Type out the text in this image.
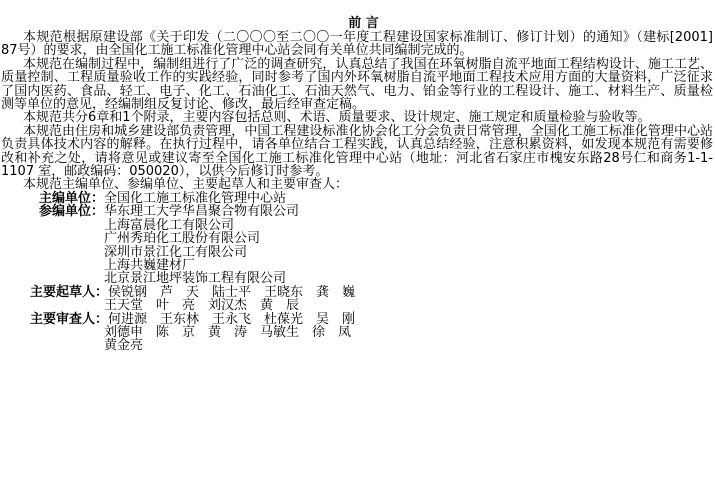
前 言

本规范根据原建设部《关于印发（二〇〇〇至二〇〇一年度工程建设国家标准制订、修订计划）的通知》（建标[2001] 87号）的要求，由全国化工施工标准化管理中心站会同有关单位共同编制完成的。

本规范在编制过程中，编制组进行了广泛的调查研究，认真总结了我国在环氧树脂自流平地面工程结构设计、施工工艺、质量控制、工程质量验收工作的实践经验，同时参考了国内外环氧树脂自流平地面工程技术应用方面的大量资料，广泛征求了国内医药、食品、轻工、电子、化工、石油化工、石油天然气、电力、铂金等行业的工程设计、施工、材料生产、质量检测等单位的意见，经编制组反复讨论、修改，最后经审查定稿。

本规范共分6章和1个附录，主要内容包括总则、术语、质量要求、设计规定、施工规定和质量检验与验收等。

本规范由住房和城乡建设部负责管理，中国工程建设标准化协会化工分会负责日常管理，全国化工施工标准化管理中心站负责具体技术内容的解释。在执行过程中，请各单位结合工程实践，认真总结经验，注意积累资料，如发现本规范有需要修改和补充之处，请将意见或建议寄至全国化工施工标准化管理中心站（地址：河北省石家庄市槐安东路28号仁和商务1-1-1107 室，邮政编码：050020），以供今后修订时参考。

本规范主编单位、参编单位、主要起草人和主要审查人：

主编单位： 全国化工施工标准化管理中心站
参编单位： 华东理工大学华昌聚合物有限公司
上海富晨化工有限公司
广州秀珀化工股份有限公司
深圳市景江化工有限公司
上海共巍建材厂
北京景江地坪装饰工程有限公司
主要起草人： 侯锐钢　芦　天　陆士平　王晓东　龚　巍
王天堂　叶　亮　刘汉杰　黄　辰
主要审查人： 何进源　王东林　王永飞　杜葆光　吴　刚
刘德申　陈　京　黄　涛　马敏生　徐　凤
黄金亮
